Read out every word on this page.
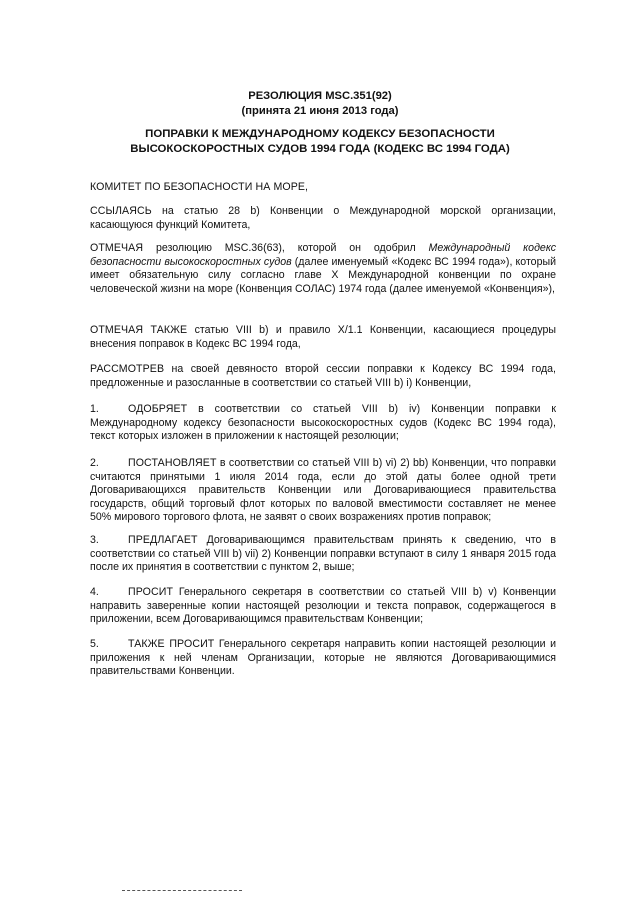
РЕЗОЛЮЦИЯ MSC.351(92)
(принята 21 июня 2013 года)
ПОПРАВКИ К МЕЖДУНАРОДНОМУ КОДЕКСУ БЕЗОПАСНОСТИ
ВЫСОКОСКОРОСТНЫХ СУДОВ 1994 ГОДА (КОДЕКС ВС 1994 ГОДА)

КОМИТЕТ ПО БЕЗОПАСНОСТИ НА МОРЕ,

ССЫЛАЯСЬ на статью 28 b) Конвенции о Международной морской организации, касающуюся функций Комитета,

ОТМЕЧАЯ резолюцию MSC.36(63), которой он одобрил Международный кодекс безопасности высокоскоростных судов (далее именуемый «Кодекс ВС 1994 года»), который имеет обязательную силу согласно главе X Международной конвенции по охране человеческой жизни на море (Конвенция СОЛАС) 1974 года (далее именуемой «Конвенция»),

ОТМЕЧАЯ ТАКЖЕ статью VIII b) и правило X/1.1 Конвенции, касающиеся процедуры внесения поправок в Кодекс ВС 1994 года,

РАССМОТРЕВ на своей девяносто второй сессии поправки к Кодексу ВС 1994 года, предложенные и разосланные в соответствии со статьей VIII b) i) Конвенции,

1.	ОДОБРЯЕТ в соответствии со статьей VIII b) iv) Конвенции поправки к Международному кодексу безопасности высокоскоростных судов (Кодекс ВС 1994 года), текст которых изложен в приложении к настоящей резолюции;

2.	ПОСТАНОВЛЯЕТ в соответствии со статьей VIII b) vi) 2) bb) Конвенции, что поправки считаются принятыми 1 июля 2014 года, если до этой даты более одной трети Договаривающихся правительств Конвенции или Договаривающиеся правительства государств, общий торговый флот которых по валовой вместимости составляет не менее 50% мирового торгового флота, не заявят о своих возражениях против поправок;

3.	ПРЕДЛАГАЕТ Договаривающимся правительствам принять к сведению, что в соответствии со статьей VIII b) vii) 2) Конвенции поправки вступают в силу 1 января 2015 года после их принятия в соответствии с пунктом 2, выше;

4.	ПРОСИТ Генерального секретаря в соответствии со статьей VIII b) v) Конвенции направить заверенные копии настоящей резолюции и текста поправок, содержащегося в приложении, всем Договаривающимся правительствам Конвенции;

5.	ТАКЖЕ ПРОСИТ Генерального секретаря направить копии настоящей резолюции и приложения к ней членам Организации, которые не являются Договаривающимися правительствами Конвенции.
